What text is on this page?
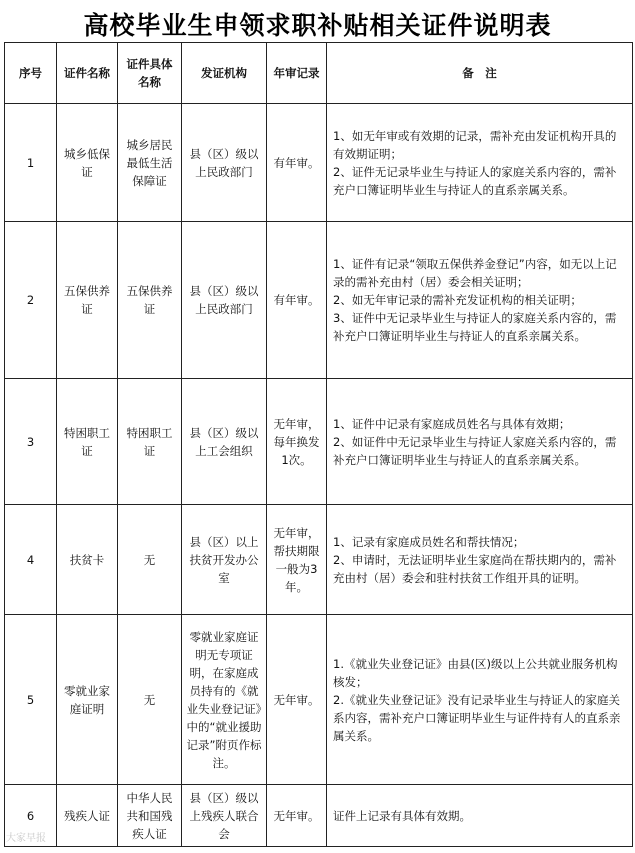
高校毕业生申领求职补贴相关证件说明表
序号	证件名称	证件具体名称	发证机构	年审记录	备　注
1	城乡低保证	城乡居民最低生活保障证	县（区）级以上民政部门	有年审。	1、如无年审或有效期的记录，需补充由发证机构开具的有效期证明；

2、证件无记录毕业生与持证人的家庭关系内容的，需补充户口簿证明毕业生与持证人的直系亲属关系。

2	五保供养证	五保供养证	县（区）级以上民政部门	有年审。	1、证件有记录“领取五保供养金登记”内容，如无以上记录的需补充由村（居）委会相关证明；

2、如无年审记录的需补充发证机构的相关证明；

3、证件中无记录毕业生与持证人的家庭关系内容的，需补充户口簿证明毕业生与持证人的直系亲属关系。

3	特困职工证	特困职工证	县（区）级以上工会组织	无年审，每年换发1次。	1、证件中记录有家庭成员姓名与具体有效期；

2、如证件中无记录毕业生与持证人家庭关系内容的，需补充户口簿证明毕业生与持证人的直系亲属关系。

4	扶贫卡	无	县（区）以上扶贫开发办公室	无年审，帮扶期限一般为3年。	1、记录有家庭成员姓名和帮扶情况；

2、申请时，无法证明毕业生家庭尚在帮扶期内的，需补充由村（居）委会和驻村扶贫工作组开具的证明。

5	零就业家庭证明	无	零就业家庭证明无专项证明，在家庭成员持有的《就业失业登记证》中的“就业援助记录”附页作标注。	无年审。	1.《就业失业登记证》由县(区)级以上公共就业服务机构核发；

2.《就业失业登记证》没有记录毕业生与持证人的家庭关系内容，需补充户口簿证明毕业生与证件持有人的直系亲属关系。

6	残疾人证	中华人民共和国残疾人证	县（区）级以上残疾人联合会	无年审。	证件上记录有具体有效期。

大家早报
